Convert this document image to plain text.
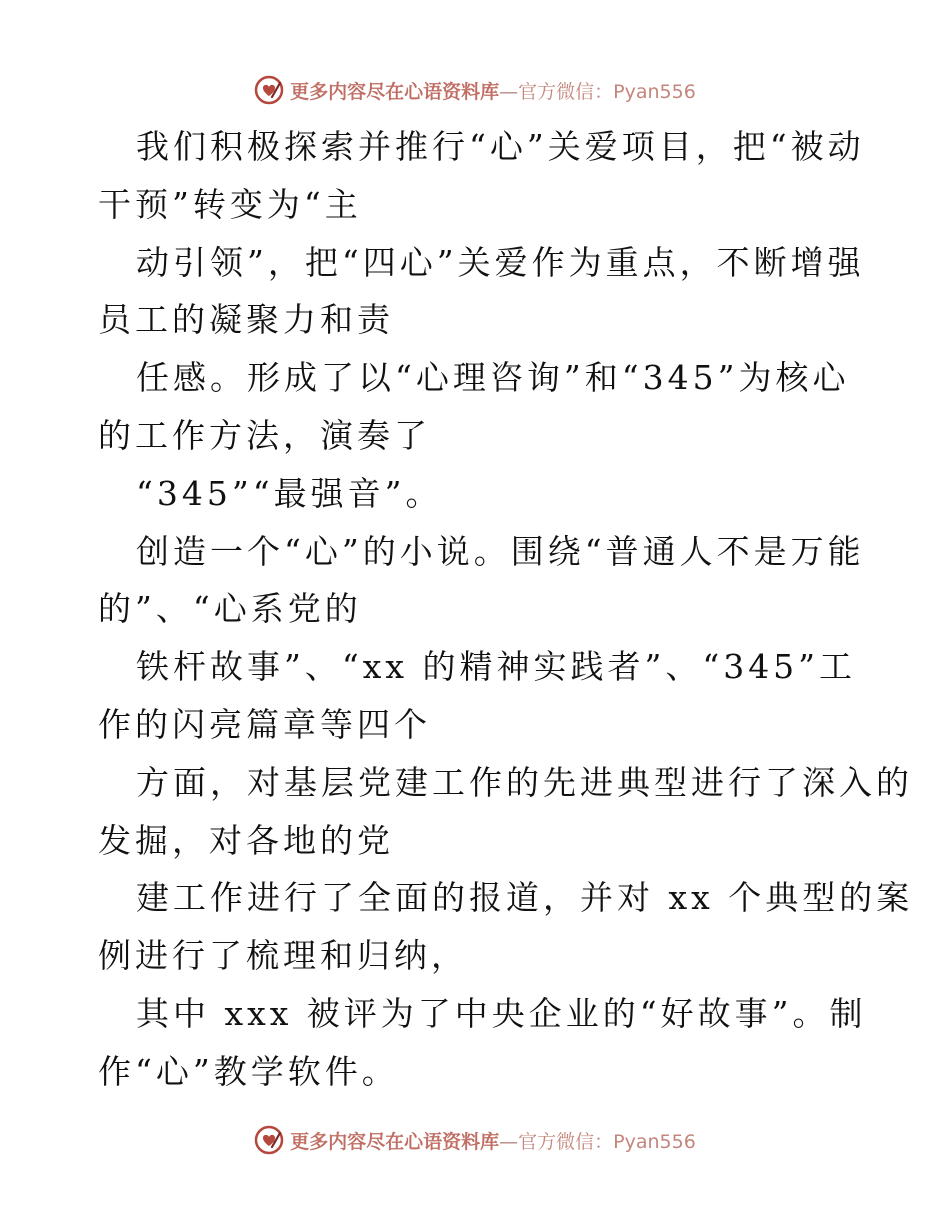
更多内容尽在心语资料库—官方微信：Pyan556
我们积极探索并推行“心”关爱项目，把“被动
干预”转变为“主
动引领”，把“四心”关爱作为重点，不断增强
员工的凝聚力和责
任感。形成了以“心理咨询”和“345”为核心
的工作方法，演奏了
“345”“最强音”。
创造一个“心”的小说。围绕“普通人不是万能
的”、“心系党的
铁杆故事”、“xx 的精神实践者”、“345”工
作的闪亮篇章等四个
方面，对基层党建工作的先进典型进行了深入的
发掘，对各地的党
建工作进行了全面的报道，并对 xx 个典型的案
例进行了梳理和归纳，
其中 xxx 被评为了中央企业的“好故事”。制
作“心”教学软件。
更多内容尽在心语资料库—官方微信：Pyan556
